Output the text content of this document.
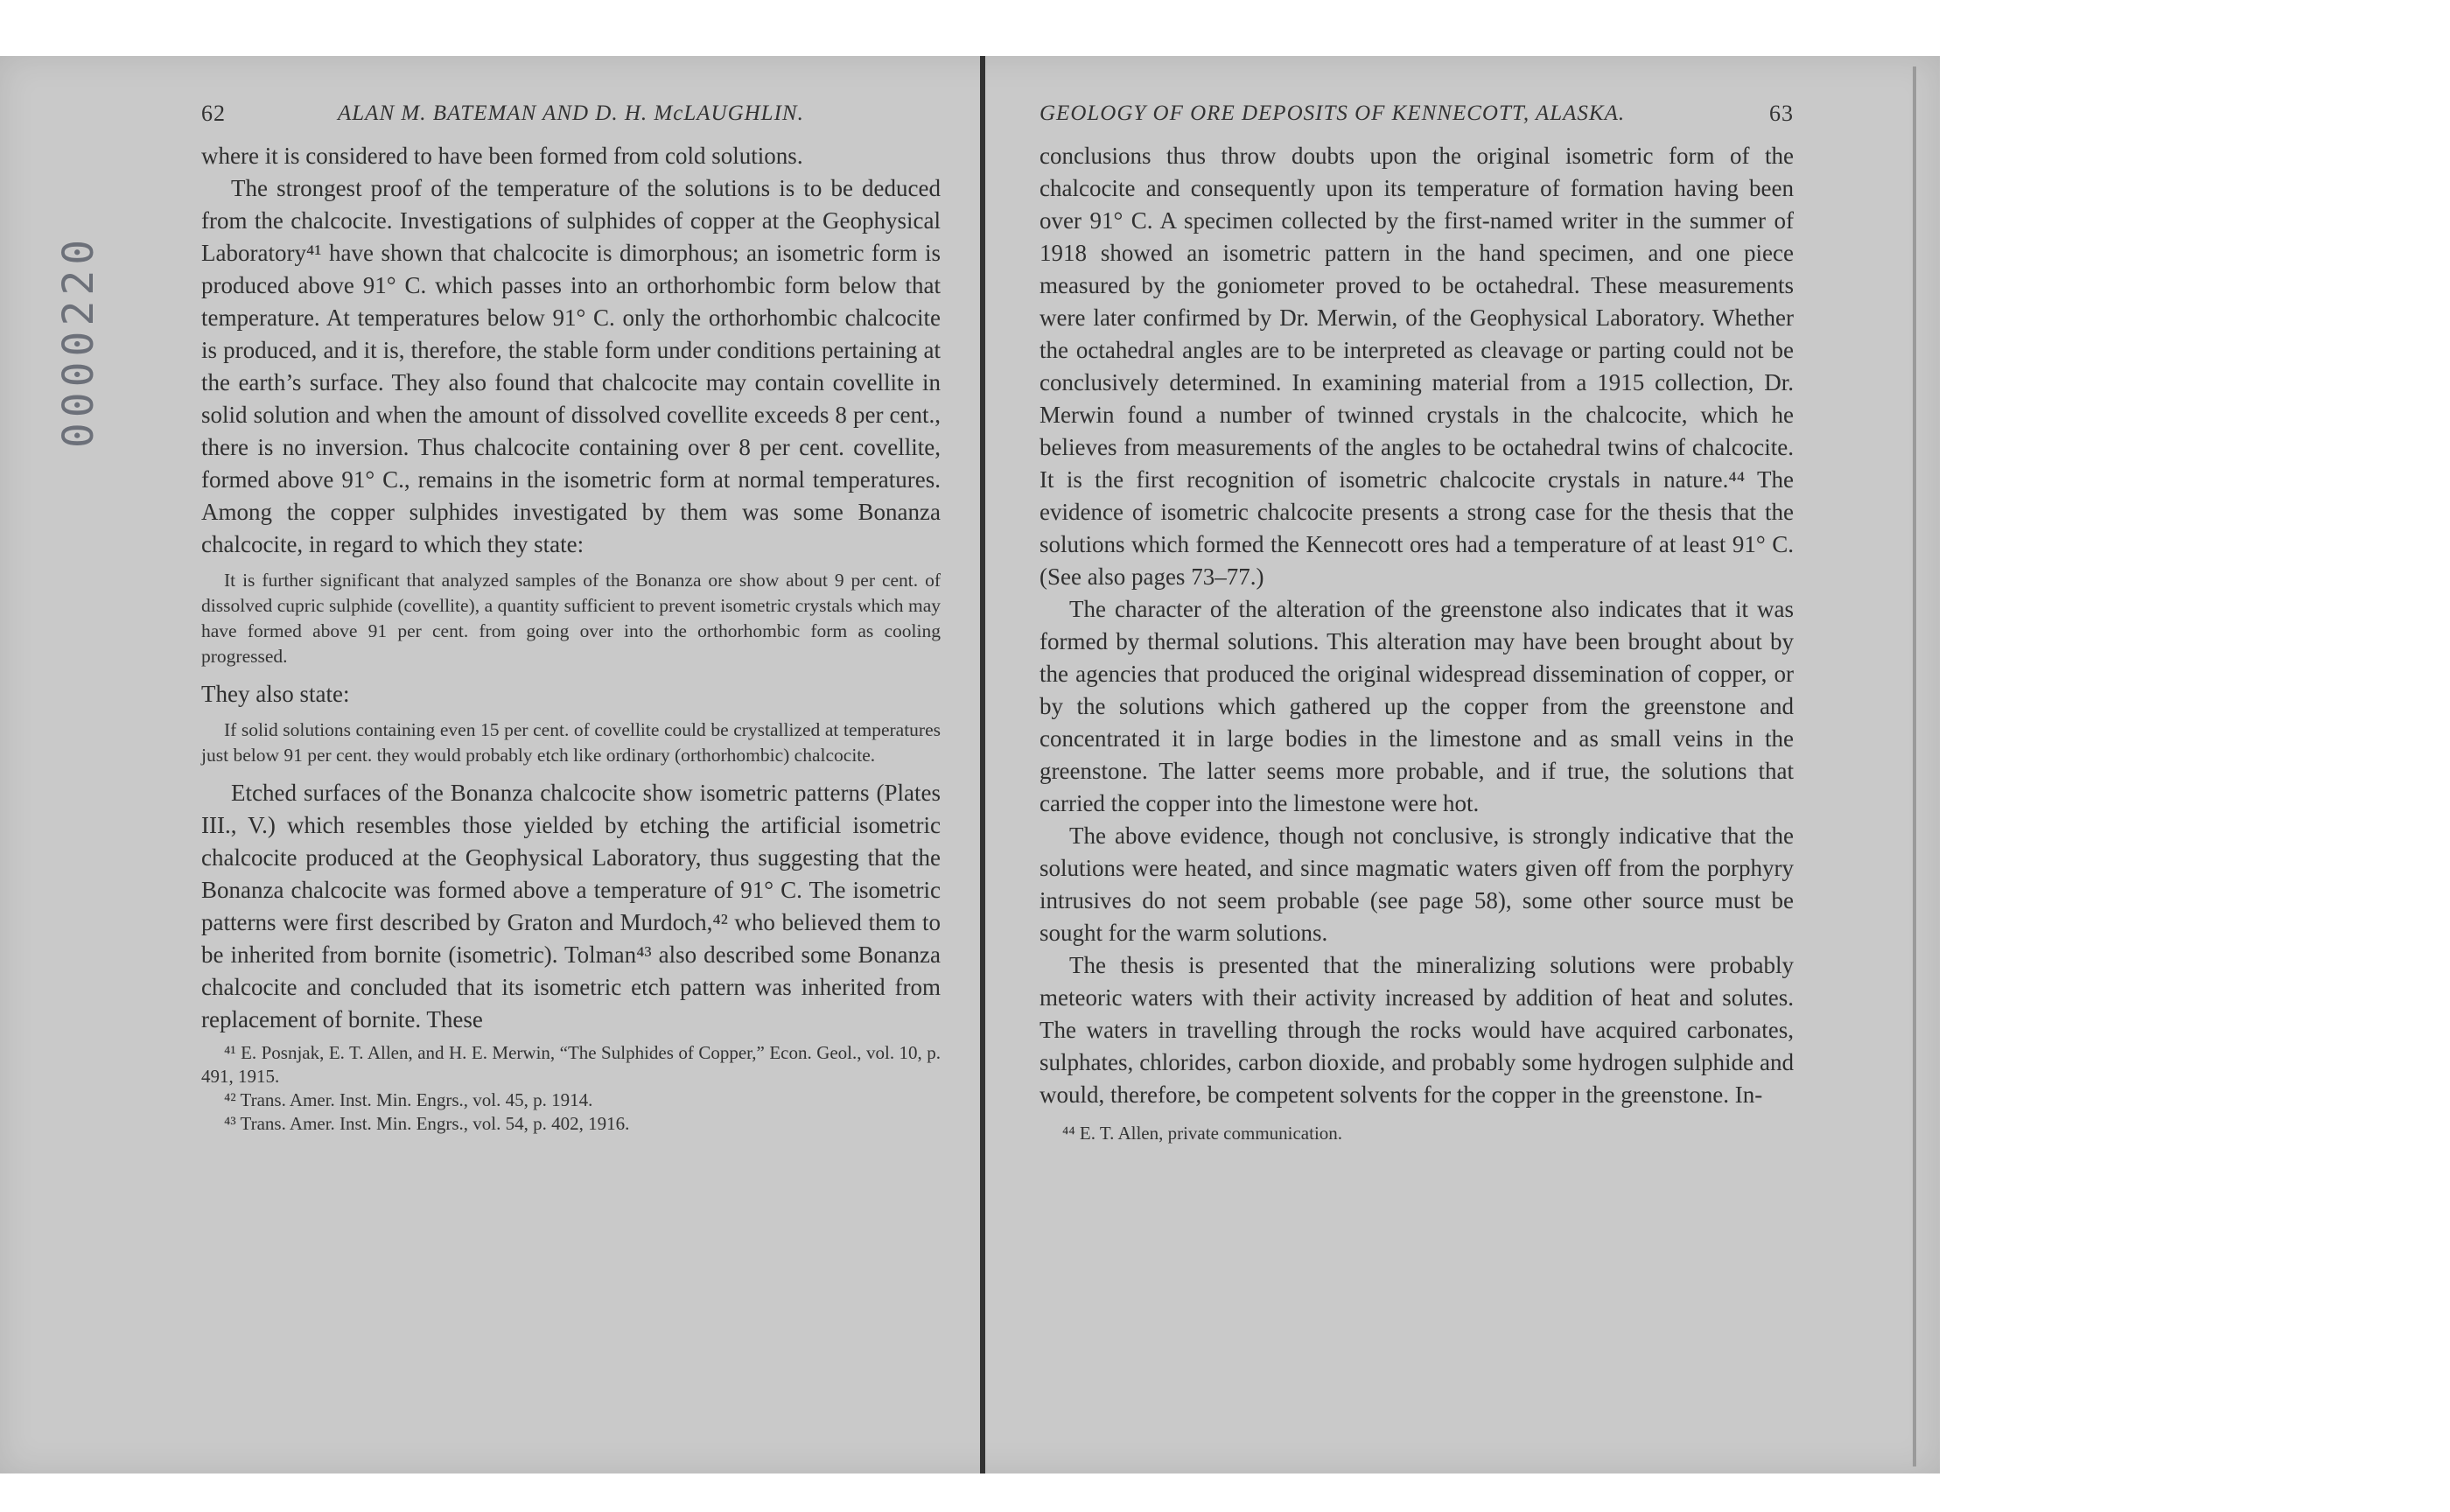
0000220
62	ALAN M. BATEMAN AND D. H. McLAUGHLIN.

where it is considered to have been formed from cold solutions.

The strongest proof of the temperature of the solutions is to be deduced from the chalcocite. Investigations of sulphides of copper at the Geophysical Laboratory⁴¹ have shown that chalcocite is dimorphous; an isometric form is produced above 91° C. which passes into an orthorhombic form below that temperature. At temperatures below 91° C. only the orthorhombic chalcocite is produced, and it is, therefore, the stable form under conditions pertaining at the earth’s surface. They also found that chalcocite may contain covellite in solid solution and when the amount of dissolved covellite exceeds 8 per cent., there is no inversion. Thus chalcocite containing over 8 per cent. covellite, formed above 91° C., remains in the isometric form at normal temperatures. Among the copper sulphides investigated by them was some Bonanza chalcocite, in regard to which they state:

It is further significant that analyzed samples of the Bonanza ore show about 9 per cent. of dissolved cupric sulphide (covellite), a quantity sufficient to prevent isometric crystals which may have formed above 91 per cent. from going over into the orthorhombic form as cooling progressed.

They also state:

If solid solutions containing even 15 per cent. of covellite could be crystallized at temperatures just below 91 per cent. they would probably etch like ordinary (orthorhombic) chalcocite.

Etched surfaces of the Bonanza chalcocite show isometric patterns (Plates III., V.) which resembles those yielded by etching the artificial isometric chalcocite produced at the Geophysical Laboratory, thus suggesting that the Bonanza chalcocite was formed above a temperature of 91° C. The isometric patterns were first described by Graton and Murdoch,⁴² who believed them to be inherited from bornite (isometric). Tolman⁴³ also described some Bonanza chalcocite and concluded that its isometric etch pattern was inherited from replacement of bornite. These

⁴¹ E. Posnjak, E. T. Allen, and H. E. Merwin, “The Sulphides of Copper,” Econ. Geol., vol. 10, p. 491, 1915.

⁴² Trans. Amer. Inst. Min. Engrs., vol. 45, p. 1914.

⁴³ Trans. Amer. Inst. Min. Engrs., vol. 54, p. 402, 1916.

GEOLOGY OF ORE DEPOSITS OF KENNECOTT, ALASKA.	63

conclusions thus throw doubts upon the original isometric form of the chalcocite and consequently upon its temperature of formation having been over 91° C. A specimen collected by the first-named writer in the summer of 1918 showed an isometric pattern in the hand specimen, and one piece measured by the goniometer proved to be octahedral. These measurements were later confirmed by Dr. Merwin, of the Geophysical Laboratory. Whether the octahedral angles are to be interpreted as cleavage or parting could not be conclusively determined. In examining material from a 1915 collection, Dr. Merwin found a number of twinned crystals in the chalcocite, which he believes from measurements of the angles to be octahedral twins of chalcocite. It is the first recognition of isometric chalcocite crystals in nature.⁴⁴ The evidence of isometric chalcocite presents a strong case for the thesis that the solutions which formed the Kennecott ores had a temperature of at least 91° C. (See also pages 73–77.)

The character of the alteration of the greenstone also indicates that it was formed by thermal solutions. This alteration may have been brought about by the agencies that produced the original widespread dissemination of copper, or by the solutions which gathered up the copper from the greenstone and concentrated it in large bodies in the limestone and as small veins in the greenstone. The latter seems more probable, and if true, the solutions that carried the copper into the limestone were hot.

The above evidence, though not conclusive, is strongly indicative that the solutions were heated, and since magmatic waters given off from the porphyry intrusives do not seem probable (see page 58), some other source must be sought for the warm solutions.

The thesis is presented that the mineralizing solutions were probably meteoric waters with their activity increased by addition of heat and solutes. The waters in travelling through the rocks would have acquired carbonates, sulphates, chlorides, carbon dioxide, and probably some hydrogen sulphide and would, therefore, be competent solvents for the copper in the greenstone. In-

⁴⁴ E. T. Allen, private communication.
